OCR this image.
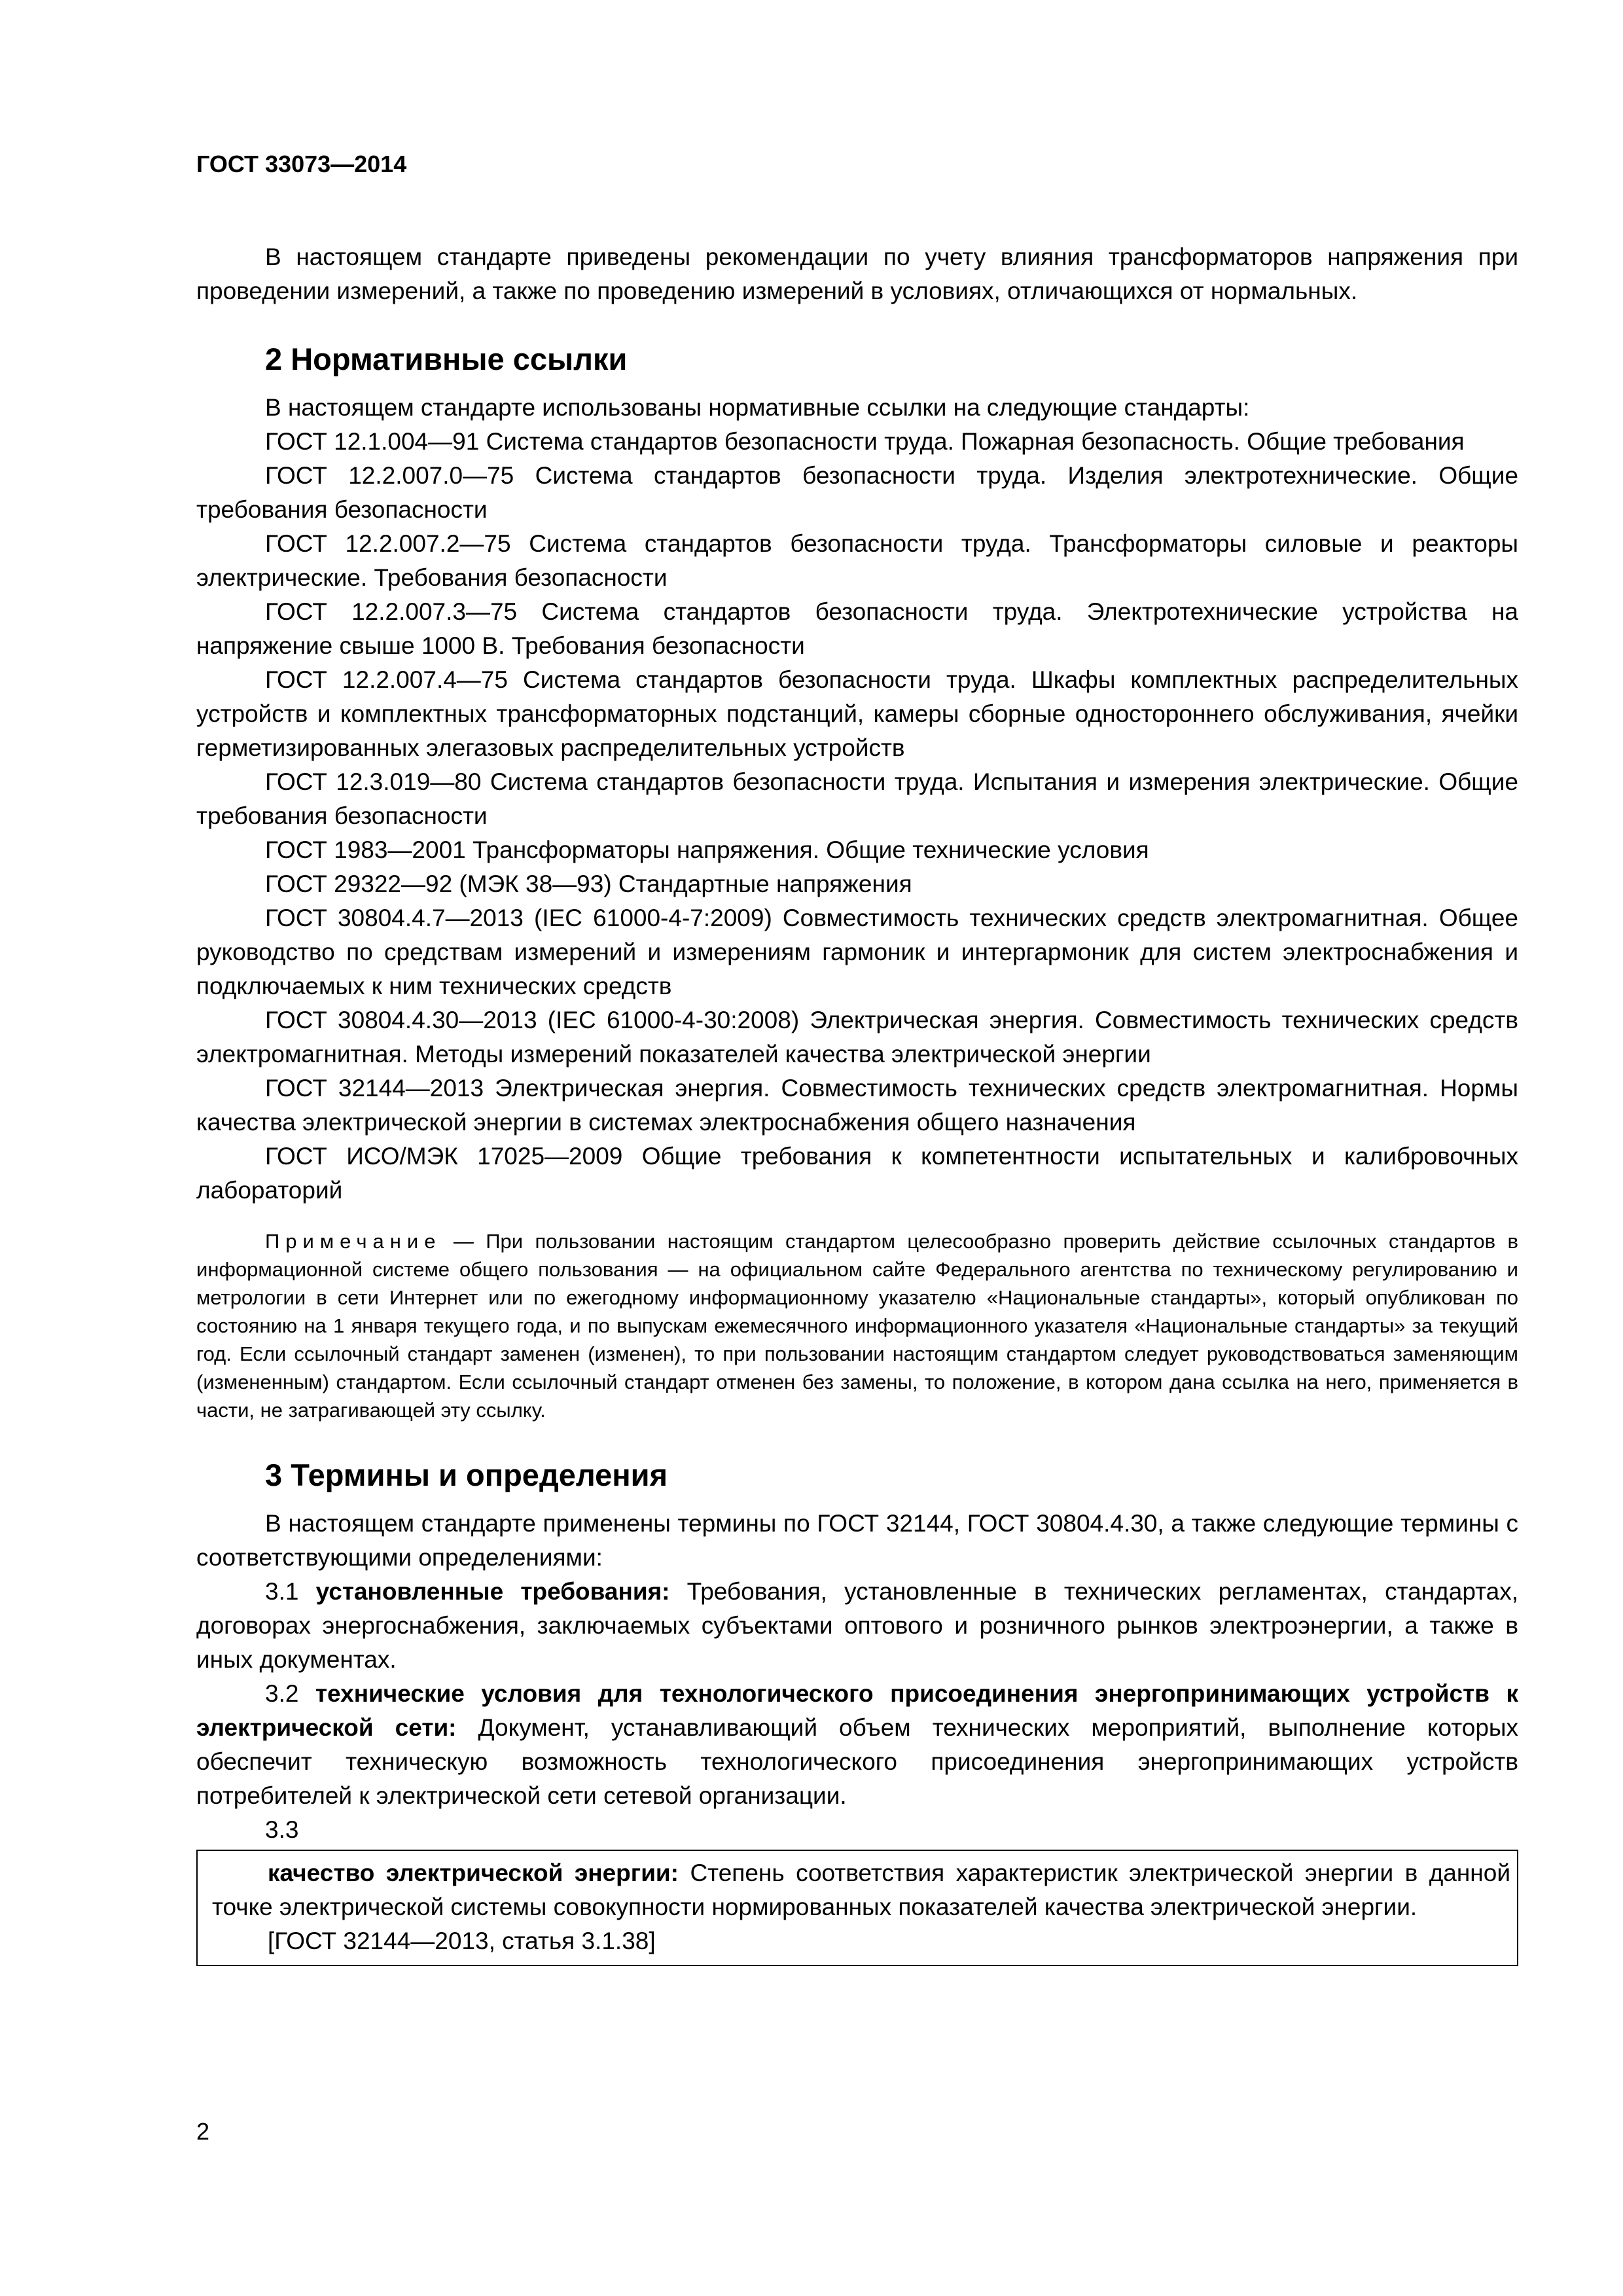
ГОСТ 33073—2014

В настоящем стандарте приведены рекомендации по учету влияния трансформаторов напряжения при проведении измерений, а также по проведению измерений в условиях, отличающихся от нормальных.

2 Нормативные ссылки

В настоящем стандарте использованы нормативные ссылки на следующие стандарты:

ГОСТ 12.1.004—91 Система стандартов безопасности труда. Пожарная безопасность. Общие требования

ГОСТ 12.2.007.0—75 Система стандартов безопасности труда. Изделия электротехнические. Общие требования безопасности

ГОСТ 12.2.007.2—75 Система стандартов безопасности труда. Трансформаторы силовые и реакторы электрические. Требования безопасности

ГОСТ 12.2.007.3—75 Система стандартов безопасности труда. Электротехнические устройства на напряжение свыше 1000 В. Требования безопасности

ГОСТ 12.2.007.4—75 Система стандартов безопасности труда. Шкафы комплектных распределительных устройств и комплектных трансформаторных подстанций, камеры сборные одностороннего обслуживания, ячейки герметизированных элегазовых распределительных устройств

ГОСТ 12.3.019—80 Система стандартов безопасности труда. Испытания и измерения электрические. Общие требования безопасности

ГОСТ 1983—2001 Трансформаторы напряжения. Общие технические условия

ГОСТ 29322—92 (МЭК 38—93) Стандартные напряжения

ГОСТ 30804.4.7—2013 (IEC 61000-4-7:2009) Совместимость технических средств электромагнитная. Общее руководство по средствам измерений и измерениям гармоник и интергармоник для систем электроснабжения и подключаемых к ним технических средств

ГОСТ 30804.4.30—2013 (IEC 61000-4-30:2008) Электрическая энергия. Совместимость технических средств электромагнитная. Методы измерений показателей качества электрической энергии

ГОСТ 32144—2013 Электрическая энергия. Совместимость технических средств электромагнитная. Нормы качества электрической энергии в системах электроснабжения общего назначения

ГОСТ ИСО/МЭК 17025—2009 Общие требования к компетентности испытательных и калибровочных лабораторий

Примечание — При пользовании настоящим стандартом целесообразно проверить действие ссылочных стандартов в информационной системе общего пользования — на официальном сайте Федерального агентства по техническому регулированию и метрологии в сети Интернет или по ежегодному информационному указателю «Национальные стандарты», который опубликован по состоянию на 1 января текущего года, и по выпускам ежемесячного информационного указателя «Национальные стандарты» за текущий год. Если ссылочный стандарт заменен (изменен), то при пользовании настоящим стандартом следует руководствоваться заменяющим (измененным) стандартом. Если ссылочный стандарт отменен без замены, то положение, в котором дана ссылка на него, применяется в части, не затрагивающей эту ссылку.

3 Термины и определения

В настоящем стандарте применены термины по ГОСТ 32144, ГОСТ 30804.4.30, а также следующие термины с соответствующими определениями:

3.1 установленные требования: Требования, установленные в технических регламентах, стандартах, договорах энергоснабжения, заключаемых субъектами оптового и розничного рынков электроэнергии, а также в иных документах.

3.2 технические условия для технологического присоединения энергопринимающих устройств к электрической сети: Документ, устанавливающий объем технических мероприятий, выполнение которых обеспечит техническую возможность технологического присоединения энергопринимающих устройств потребителей к электрической сети сетевой организации.

3.3

качество электрической энергии: Степень соответствия характеристик электрической энергии в данной точке электрической системы совокупности нормированных показателей качества электрической энергии.

[ГОСТ 32144—2013, статья 3.1.38]

2
